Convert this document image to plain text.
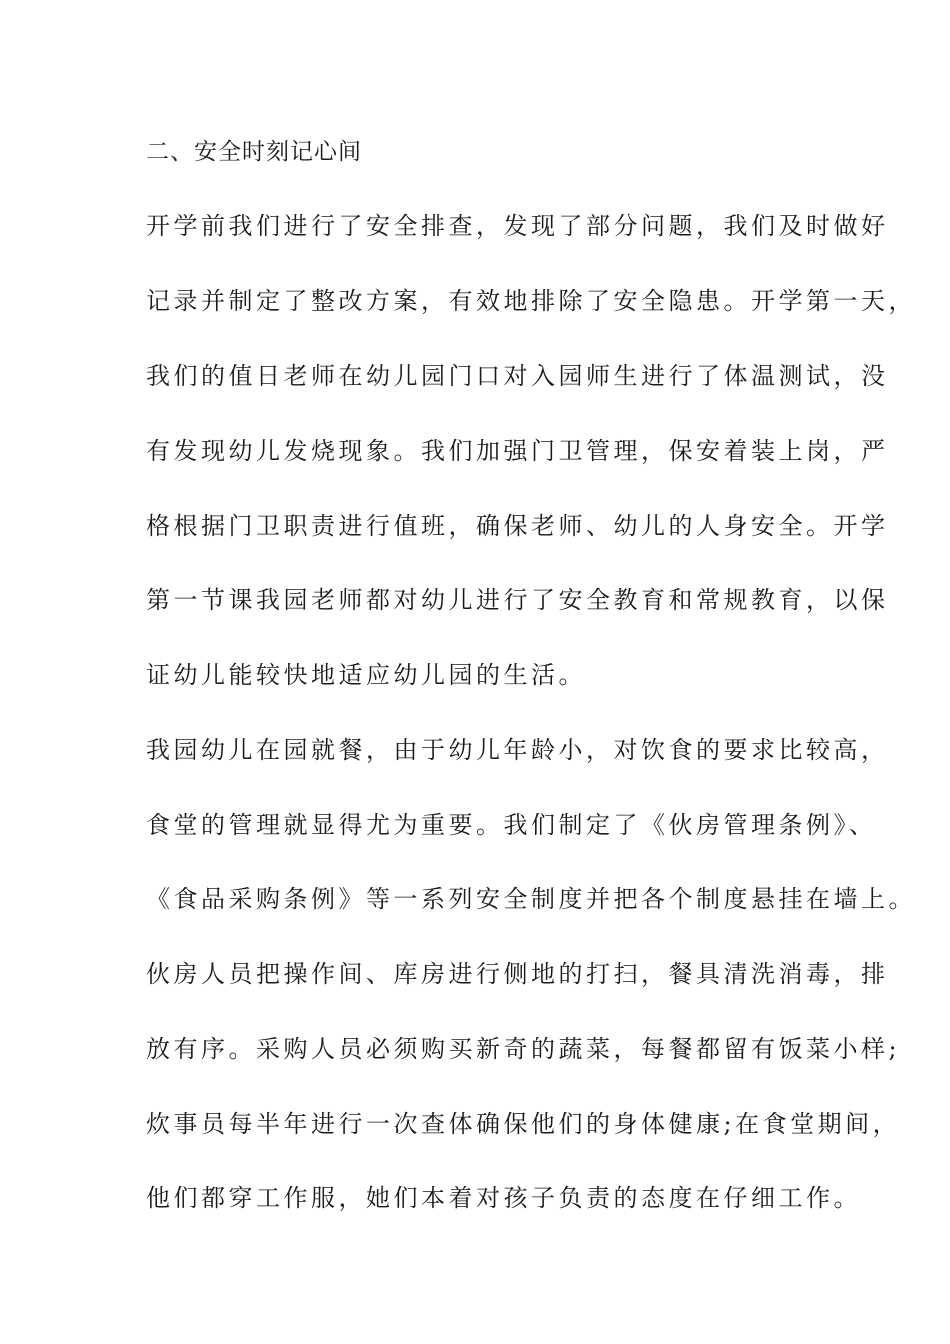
二、安全时刻记心间
开学前我们进行了安全排查，发现了部分问题，我们及时做好
记录并制定了整改方案，有效地排除了安全隐患。开学第一天，
我们的值日老师在幼儿园门口对入园师生进行了体温测试，没
有发现幼儿发烧现象。我们加强门卫管理，保安着装上岗，严
格根据门卫职责进行值班，确保老师、幼儿的人身安全。开学
第一节课我园老师都对幼儿进行了安全教育和常规教育，以保
证幼儿能较快地适应幼儿园的生活。
我园幼儿在园就餐，由于幼儿年龄小，对饮食的要求比较高，
食堂的管理就显得尤为重要。我们制定了《伙房管理条例》、
《食品采购条例》等一系列安全制度并把各个制度悬挂在墙上。
伙房人员把操作间、库房进行侧地的打扫，餐具清洗消毒，排
放有序。采购人员必须购买新奇的蔬菜，每餐都留有饭菜小样;
炊事员每半年进行一次查体确保他们的身体健康;在食堂期间，
他们都穿工作服，她们本着对孩子负责的态度在仔细工作。
